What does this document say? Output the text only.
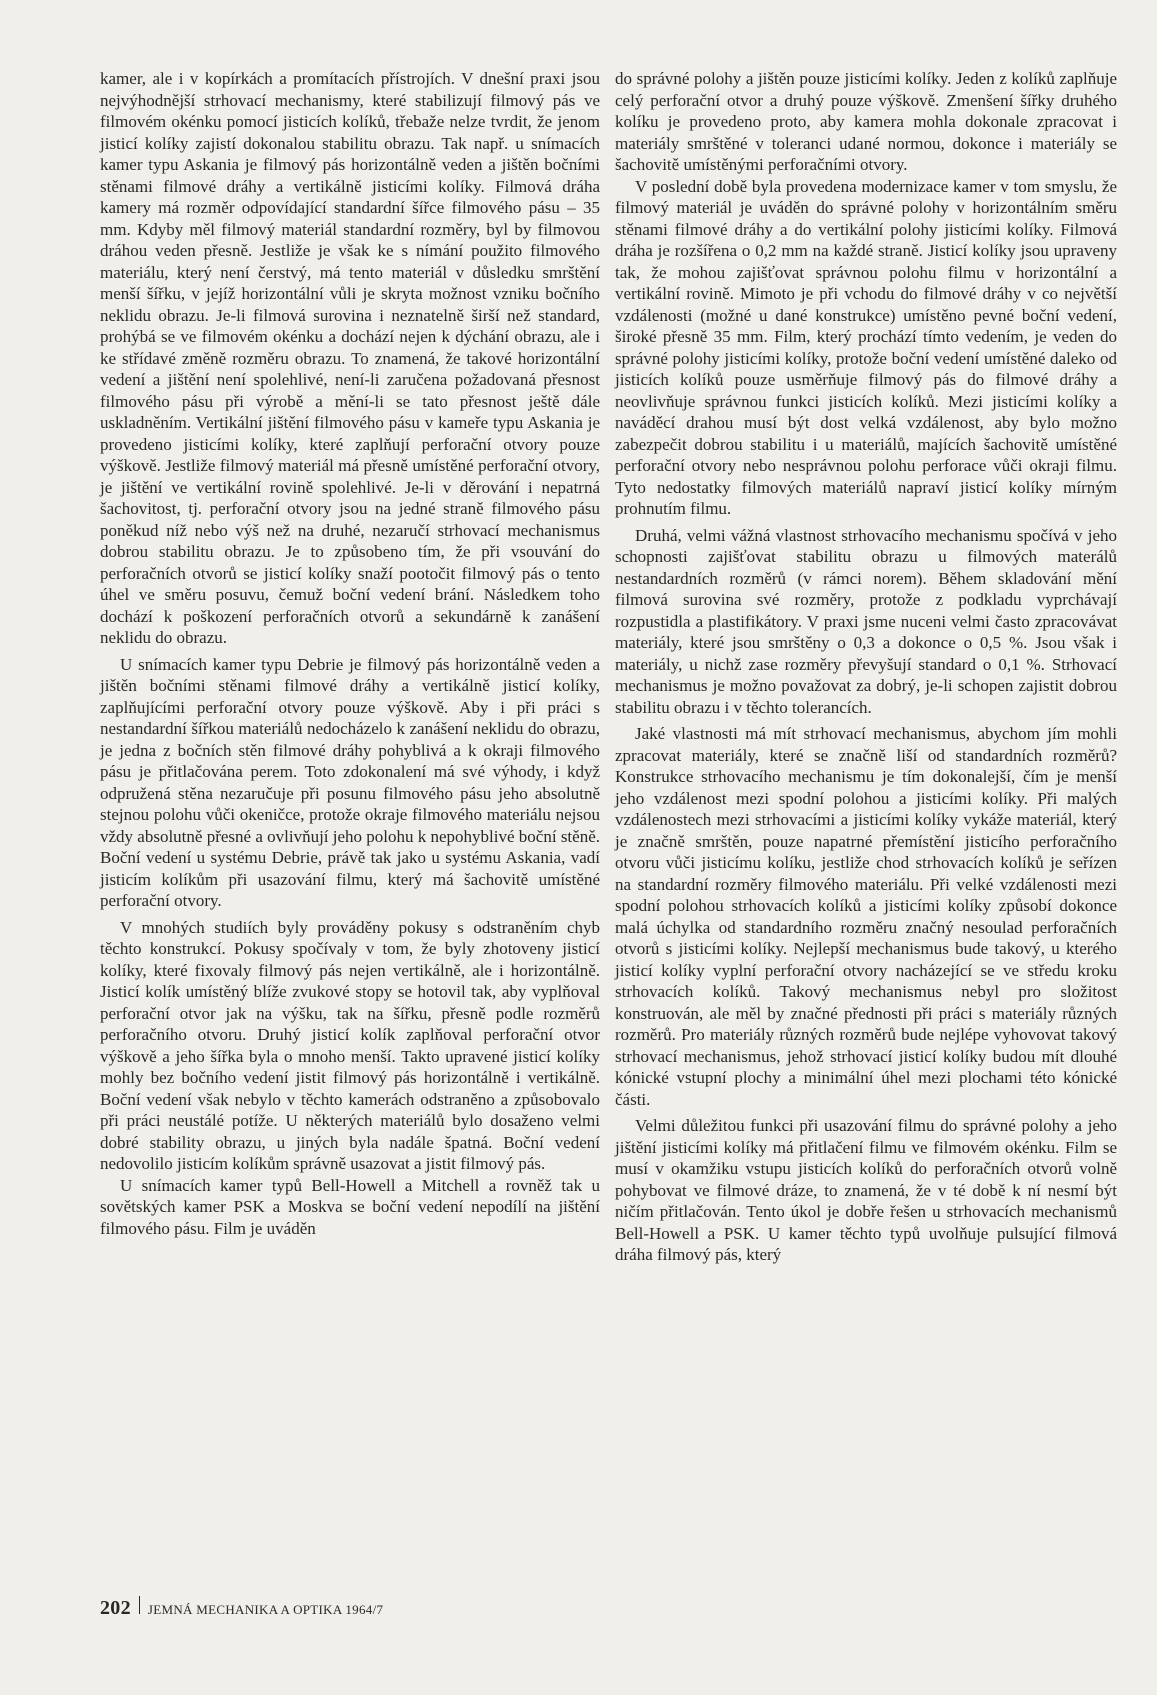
kamer, ale i v kopírkách a promítacích přístrojích. V dnešní praxi jsou nejvýhodnější strhovací mechanismy, které stabilizují filmový pás ve filmovém okénku pomocí jisticích kolíků, třebaže nelze tvrdit, že jenom jisticí kolíky zajistí dokonalou stabilitu obrazu. Tak např. u snímacích kamer typu Askania je filmový pás horizontálně veden a jištěn bočními stěnami filmové dráhy a vertikálně jisticími kolíky. Filmová dráha kamery má rozměr odpovídající standardní šířce filmového pásu – 35 mm. Kdyby měl filmový materiál standardní rozměry, byl by filmovou dráhou veden přesně. Jestliže je však ke s nímání použito filmového materiálu, který není čerstvý, má tento materiál v důsledku smrštění menší šířku, v jejíž horizontální vůli je skryta možnost vzniku bočního neklidu obrazu. Je-li filmová surovina i neznatelně širší než standard, prohýbá se ve filmovém okénku a dochází nejen k dýchání obrazu, ale i ke střídavé změně rozměru obrazu. To znamená, že takové horizontální vedení a jištění není spolehlivé, není-li zaručena požadovaná přesnost filmového pásu při výrobě a mění-li se tato přesnost ještě dále uskladněním. Vertikální jištění filmového pásu v kameře typu Askania je provedeno jisticími kolíky, které zaplňují perforační otvory pouze výškově. Jestliže filmový materiál má přesně umístěné perforační otvory, je jištění ve vertikální rovině spolehlivé. Je-li v děrování i nepatrná šachovitost, tj. perforační otvory jsou na jedné straně filmového pásu poněkud níž nebo výš než na druhé, nezaručí strhovací mechanismus dobrou stabilitu obrazu. Je to způsobeno tím, že při vsouvání do perforačních otvorů se jisticí kolíky snaží pootočit filmový pás o tento úhel ve směru posuvu, čemuž boční vedení brání. Následkem toho dochází k poškození perforačních otvorů a sekundárně k zanášení neklidu do obrazu.

U snímacích kamer typu Debrie je filmový pás horizontálně veden a jištěn bočními stěnami filmové dráhy a vertikálně jisticí kolíky, zaplňujícími perforační otvory pouze výškově. Aby i při práci s nestandardní šířkou materiálů nedocházelo k zanášení neklidu do obrazu, je jedna z bočních stěn filmové dráhy pohyblivá a k okraji filmového pásu je přitlačována perem. Toto zdokonalení má své výhody, i když odpružená stěna nezaručuje při posunu filmového pásu jeho absolutně stejnou polohu vůči okeničce, protože okraje filmového materiálu nejsou vždy absolutně přesné a ovlivňují jeho polohu k nepohyblivé boční stěně. Boční vedení u systému Debrie, právě tak jako u systému Askania, vadí jisticím kolíkům při usazování filmu, který má šachovitě umístěné perforační otvory.

V mnohých studiích byly prováděny pokusy s odstraněním chyb těchto konstrukcí. Pokusy spočívaly v tom, že byly zhotoveny jisticí kolíky, které fixovaly filmový pás nejen vertikálně, ale i horizontálně. Jisticí kolík umístěný blíže zvukové stopy se hotovil tak, aby vyplňoval perforační otvor jak na výšku, tak na šířku, přesně podle rozměrů perforačního otvoru. Druhý jisticí kolík zaplňoval perforační otvor výškově a jeho šířka byla o mnoho menší. Takto upravené jisticí kolíky mohly bez bočního vedení jistit filmový pás horizontálně i vertikálně. Boční vedení však nebylo v těchto kamerách odstraněno a způsobovalo při práci neustálé potíže. U některých materiálů bylo dosaženo velmi dobré stability obrazu, u jiných byla nadále špatná. Boční vedení nedovolilo jisticím kolíkům správně usazovat a jistit filmový pás.

U snímacích kamer typů Bell-Howell a Mitchell a rovněž tak u sovětských kamer PSK a Moskva se boční vedení nepodílí na jištění filmového pásu. Film je uváděn

do správné polohy a jištěn pouze jisticími kolíky. Jeden z kolíků zaplňuje celý perforační otvor a druhý pouze výškově. Zmenšení šířky druhého kolíku je provedeno proto, aby kamera mohla dokonale zpracovat i materiály smrštěné v toleranci udané normou, dokonce i materiály se šachovitě umístěnými perforačními otvory.

V poslední době byla provedena modernizace kamer v tom smyslu, že filmový materiál je uváděn do správné polohy v horizontálním směru stěnami filmové dráhy a do vertikální polohy jisticími kolíky. Filmová dráha je rozšířena o 0,2 mm na každé straně. Jisticí kolíky jsou upraveny tak, že mohou zajišťovat správnou polohu filmu v horizontální a vertikální rovině. Mimoto je při vchodu do filmové dráhy v co největší vzdálenosti (možné u dané konstrukce) umístěno pevné boční vedení, široké přesně 35 mm. Film, který prochází tímto vedením, je veden do správné polohy jisticími kolíky, protože boční vedení umístěné daleko od jisticích kolíků pouze usměrňuje filmový pás do filmové dráhy a neovlivňuje správnou funkci jisticích kolíků. Mezi jisticími kolíky a naváděcí drahou musí být dost velká vzdálenost, aby bylo možno zabezpečit dobrou stabilitu i u materiálů, majících šachovitě umístěné perforační otvory nebo nesprávnou polohu perforace vůči okraji filmu. Tyto nedostatky filmových materiálů napraví jisticí kolíky mírným prohnutím filmu.

Druhá, velmi vážná vlastnost strhovacího mechanismu spočívá v jeho schopnosti zajišťovat stabilitu obrazu u filmových materálů nestandardních rozměrů (v rámci norem). Během skladování mění filmová surovina své rozměry, protože z podkladu vyprchávají rozpustidla a plastifikátory. V praxi jsme nuceni velmi často zpracovávat materiály, které jsou smrštěny o 0,3 a dokonce o 0,5 %. Jsou však i materiály, u nichž zase rozměry převyšují standard o 0,1 %. Strhovací mechanismus je možno považovat za dobrý, je-li schopen zajistit dobrou stabilitu obrazu i v těchto tolerancích.

Jaké vlastnosti má mít strhovací mechanismus, abychom jím mohli zpracovat materiály, které se značně liší od standardních rozměrů? Konstrukce strhovacího mechanismu je tím dokonalejší, čím je menší jeho vzdálenost mezi spodní polohou a jisticími kolíky. Při malých vzdálenostech mezi strhovacími a jisticími kolíky vykáže materiál, který je značně smrštěn, pouze napatrné přemístění jisticího perforačního otvoru vůči jisticímu kolíku, jestliže chod strhovacích kolíků je seřízen na standardní rozměry filmového materiálu. Při velké vzdálenosti mezi spodní polohou strhovacích kolíků a jisticími kolíky způsobí dokonce malá úchylka od standardního rozměru značný nesoulad perforačních otvorů s jisticími kolíky. Nejlepší mechanismus bude takový, u kterého jisticí kolíky vyplní perforační otvory nacházející se ve středu kroku strhovacích kolíků. Takový mechanismus nebyl pro složitost konstruován, ale měl by značné přednosti při práci s materiály různých rozměrů. Pro materiály různých rozměrů bude nejlépe vyhovovat takový strhovací mechanismus, jehož strhovací jisticí kolíky budou mít dlouhé kónické vstupní plochy a minimální úhel mezi plochami této kónické části.

Velmi důležitou funkci při usazování filmu do správné polohy a jeho jištění jisticími kolíky má přitlačení filmu ve filmovém okénku. Film se musí v okamžiku vstupu jisticích kolíků do perforačních otvorů volně pohybovat ve filmové dráze, to znamená, že v té době k ní nesmí být ničím přitlačován. Tento úkol je dobře řešen u strhovacích mechanismů Bell-Howell a PSK. U kamer těchto typů uvolňuje pulsující filmová dráha filmový pás, který

202 JEMNÁ MECHANIKA A OPTIKA 1964/7
